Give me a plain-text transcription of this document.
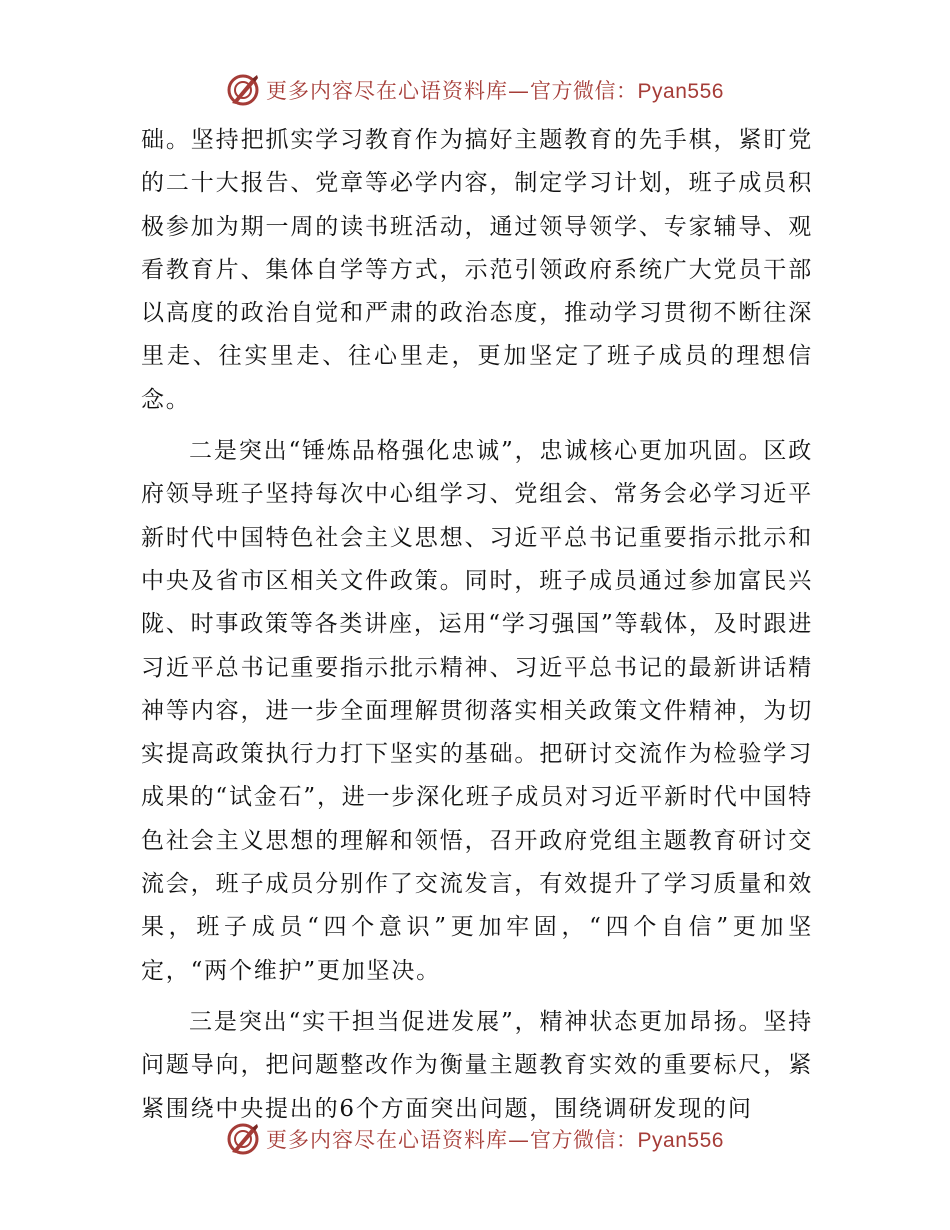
更多内容尽在心语资料库—官方微信：Pyan556

础。坚持把抓实学习教育作为搞好主题教育的先手棋，紧盯党的二十大报告、党章等必学内容，制定学习计划，班子成员积极参加为期一周的读书班活动，通过领导领学、专家辅导、观看教育片、集体自学等方式，示范引领政府系统广大党员干部以高度的政治自觉和严肃的政治态度，推动学习贯彻不断往深里走、往实里走、往心里走，更加坚定了班子成员的理想信念。

二是突出“锤炼品格强化忠诚”，忠诚核心更加巩固。区政府领导班子坚持每次中心组学习、党组会、常务会必学习近平新时代中国特色社会主义思想、习近平总书记重要指示批示和中央及省市区相关文件政策。同时，班子成员通过参加富民兴陇、时事政策等各类讲座，运用“学习强国”等载体，及时跟进习近平总书记重要指示批示精神、习近平总书记的最新讲话精神等内容，进一步全面理解贯彻落实相关政策文件精神，为切实提高政策执行力打下坚实的基础。把研讨交流作为检验学习成果的“试金石”，进一步深化班子成员对习近平新时代中国特色社会主义思想的理解和领悟，召开政府党组主题教育研讨交流会，班子成员分别作了交流发言，有效提升了学习质量和效果，班子成员“四个意识”更加牢固，“四个自信”更加坚定，“两个维护”更加坚决。

三是突出“实干担当促进发展”，精神状态更加昂扬。坚持问题导向，把问题整改作为衡量主题教育实效的重要标尺，紧紧围绕中央提出的6个方面突出问题，围绕调研发现的问

更多内容尽在心语资料库—官方微信：Pyan556
